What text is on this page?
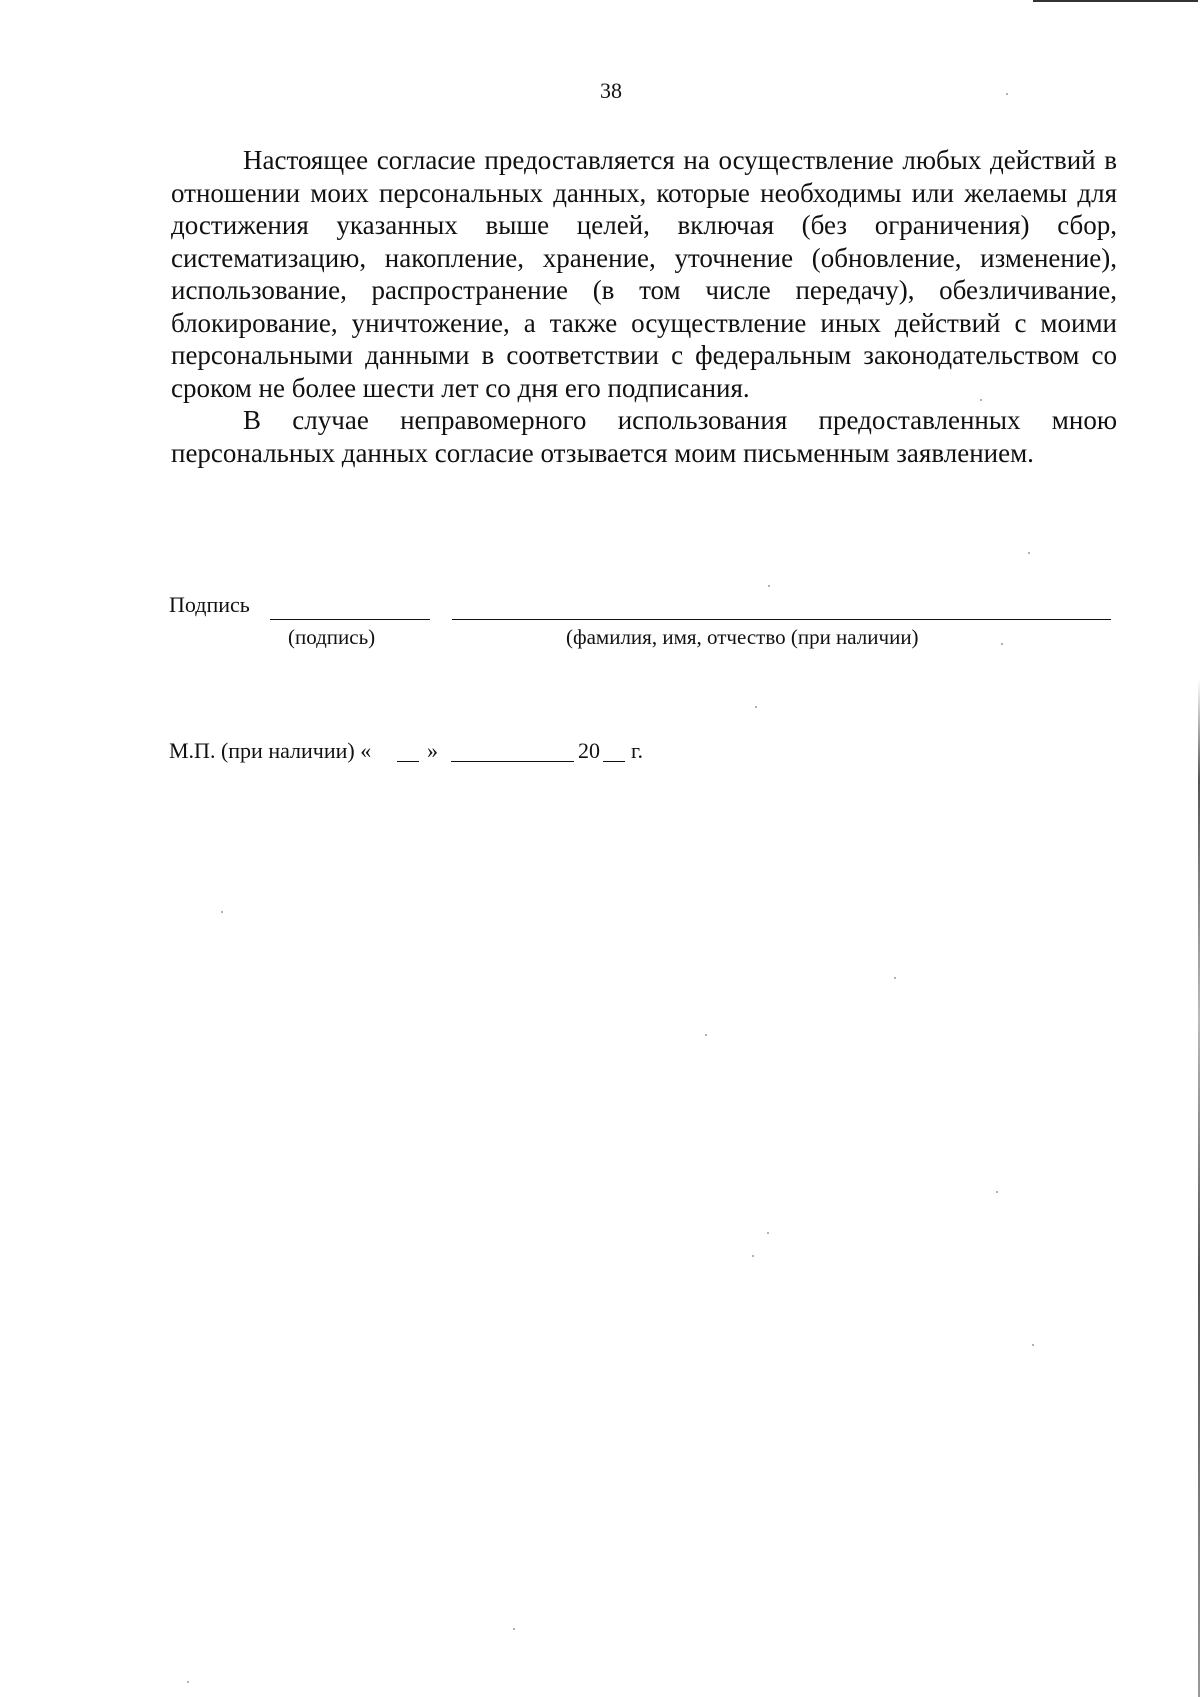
38

Настоящее согласие предоставляется на осуществление любых действий в отношении моих персональных данных, которые необходимы или желаемы для достижения указанных выше целей, включая (без ограничения) сбор, систематизацию, накопление, хранение, уточнение (обновление, изменение), использование, распространение (в том числе передачу), обезличивание, блокирование, уничтожение, а также осуществление иных действий с моими персональными данными в соответствии с федеральным законодательством со сроком не более шести лет со дня его подписания.

В случае неправомерного использования предоставленных мною персональных данных согласие отзывается моим письменным заявлением.

Подпись
(подпись)	(фамилия, имя, отчество (при наличии)
М.П. (при наличии) «	»	20 г.
